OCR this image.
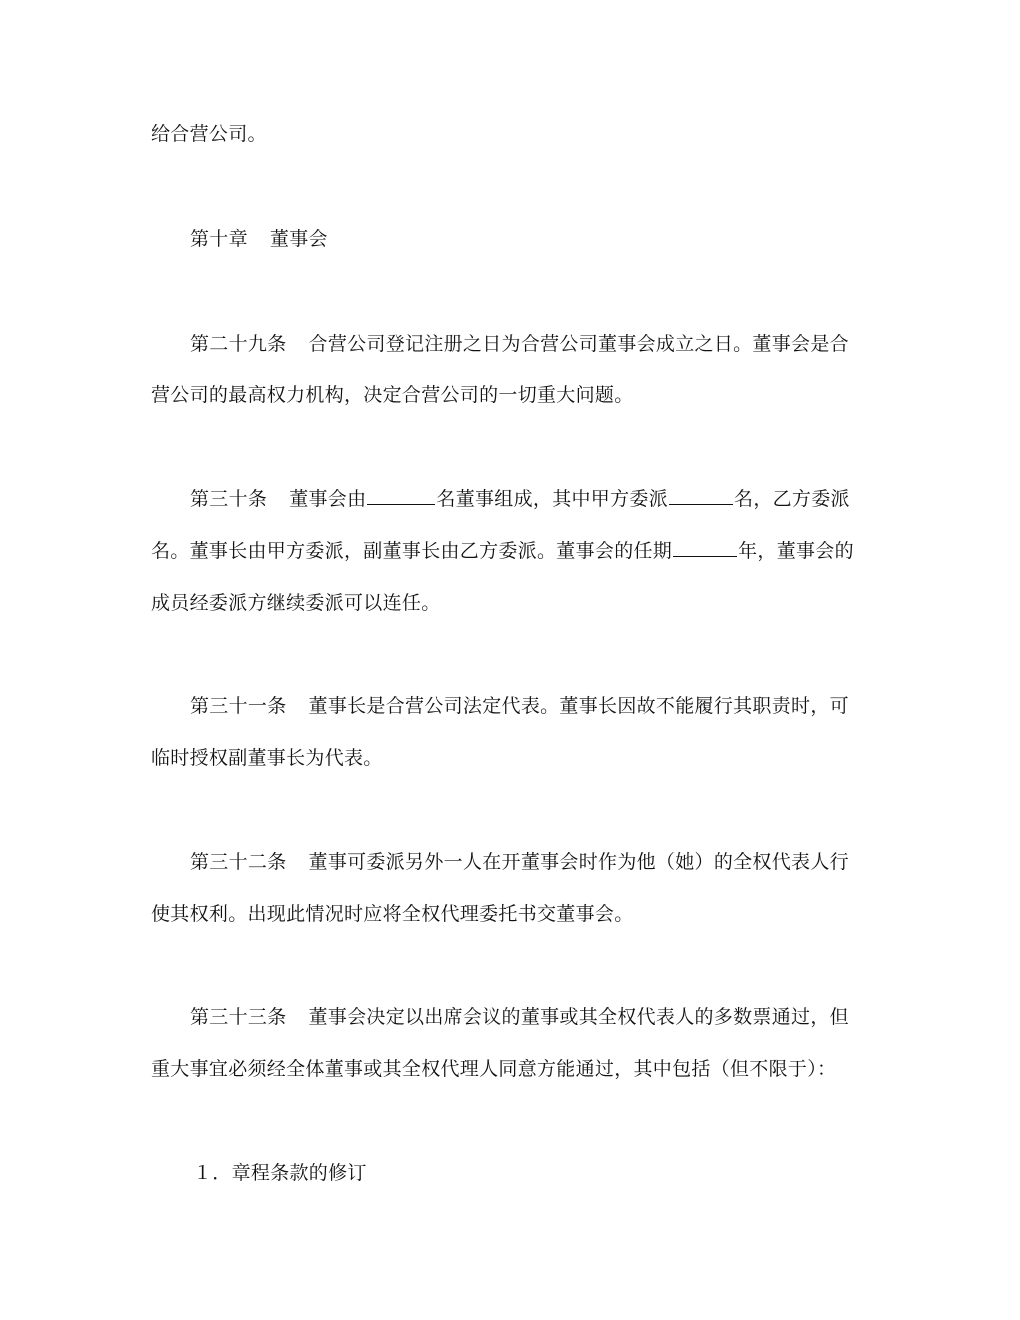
给合营公司。
第十章 董事会
第二十九条 合营公司登记注册之日为合营公司董事会成立之日。董事会是合
营公司的最高权力机构，决定合营公司的一切重大问题。
第三十条 董事会由	名董事组成，其中甲方委派	名，乙方委派
名。董事长由甲方委派，副董事长由乙方委派。董事会的任期	年，董事会的
成员经委派方继续委派可以连任。
第三十一条 董事长是合营公司法定代表。董事长因故不能履行其职责时，可
临时授权副董事长为代表。
第三十二条 董事可委派另外一人在开董事会时作为他（她）的全权代表人行
使其权利。出现此情况时应将全权代理委托书交董事会。
第三十三条 董事会决定以出席会议的董事或其全权代表人的多数票通过，但
重大事宜必须经全体董事或其全权代理人同意方能通过，其中包括（但不限于）：
１．章程条款的修订
